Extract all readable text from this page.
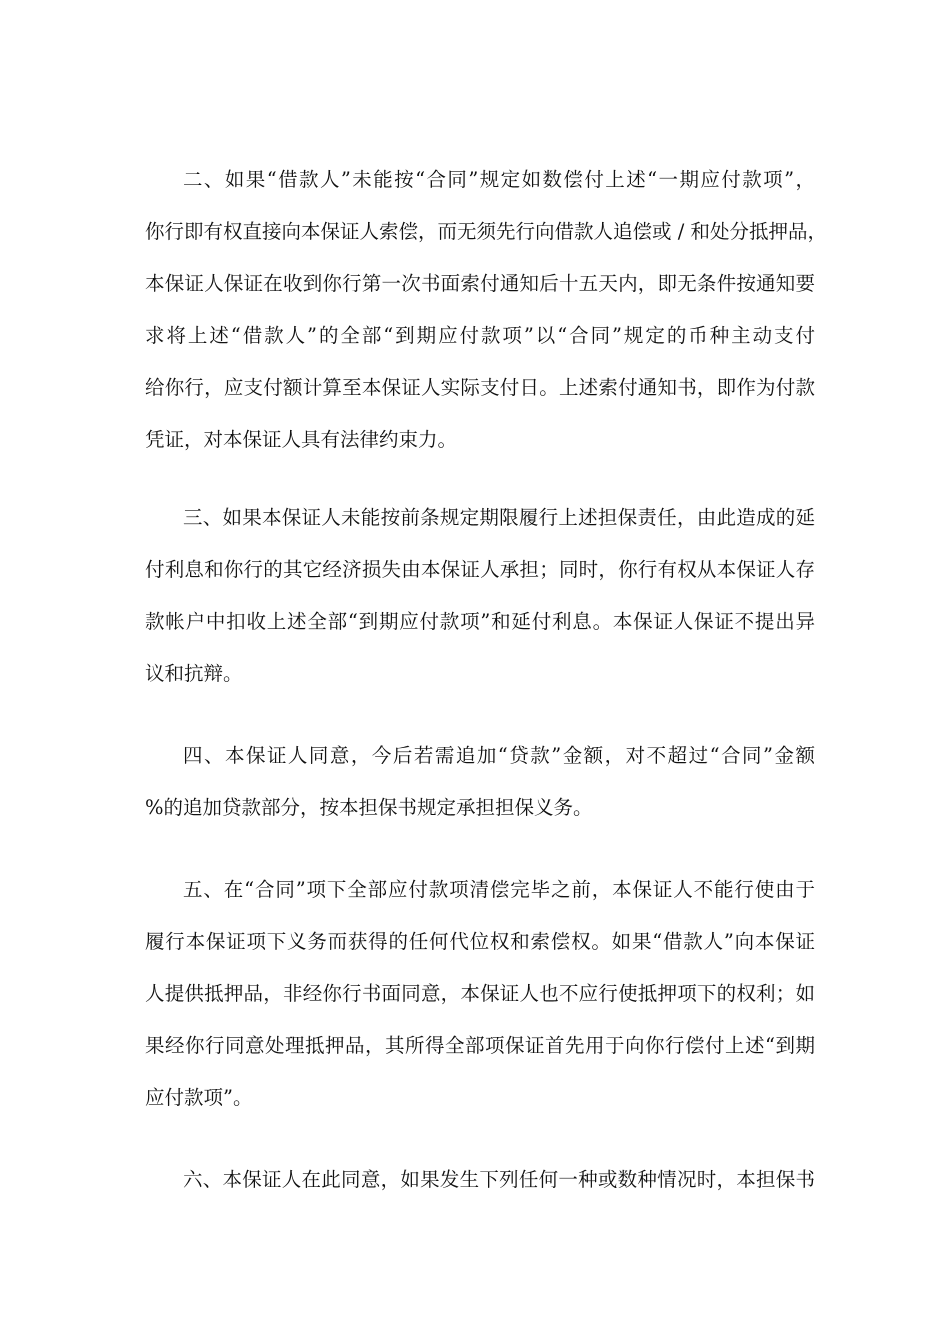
二、如果“借款人”未能按“合同”规定如数偿付上述“一期应付款项”，
你行即有权直接向本保证人索偿，而无须先行向借款人追偿或 / 和处分抵押品，
本保证人保证在收到你行第一次书面索付通知后十五天内，即无条件按通知要
求将上述“借款人”的全部“到期应付款项”以“合同”规定的币种主动支付
给你行，应支付额计算至本保证人实际支付日。上述索付通知书，即作为付款
凭证，对本保证人具有法律约束力。
三、如果本保证人未能按前条规定期限履行上述担保责任，由此造成的延
付利息和你行的其它经济损失由本保证人承担；同时，你行有权从本保证人存
款帐户中扣收上述全部“到期应付款项”和延付利息。本保证人保证不提出异
议和抗辩。
四、本保证人同意，今后若需追加“贷款”金额，对不超过“合同”金额
%的追加贷款部分，按本担保书规定承担担保义务。
五、在“合同”项下全部应付款项清偿完毕之前，本保证人不能行使由于
履行本保证项下义务而获得的任何代位权和索偿权。如果“借款人”向本保证
人提供抵押品，非经你行书面同意，本保证人也不应行使抵押项下的权利；如
果经你行同意处理抵押品，其所得全部项保证首先用于向你行偿付上述“到期
应付款项”。
六、本保证人在此同意，如果发生下列任何一种或数种情况时，本担保书
